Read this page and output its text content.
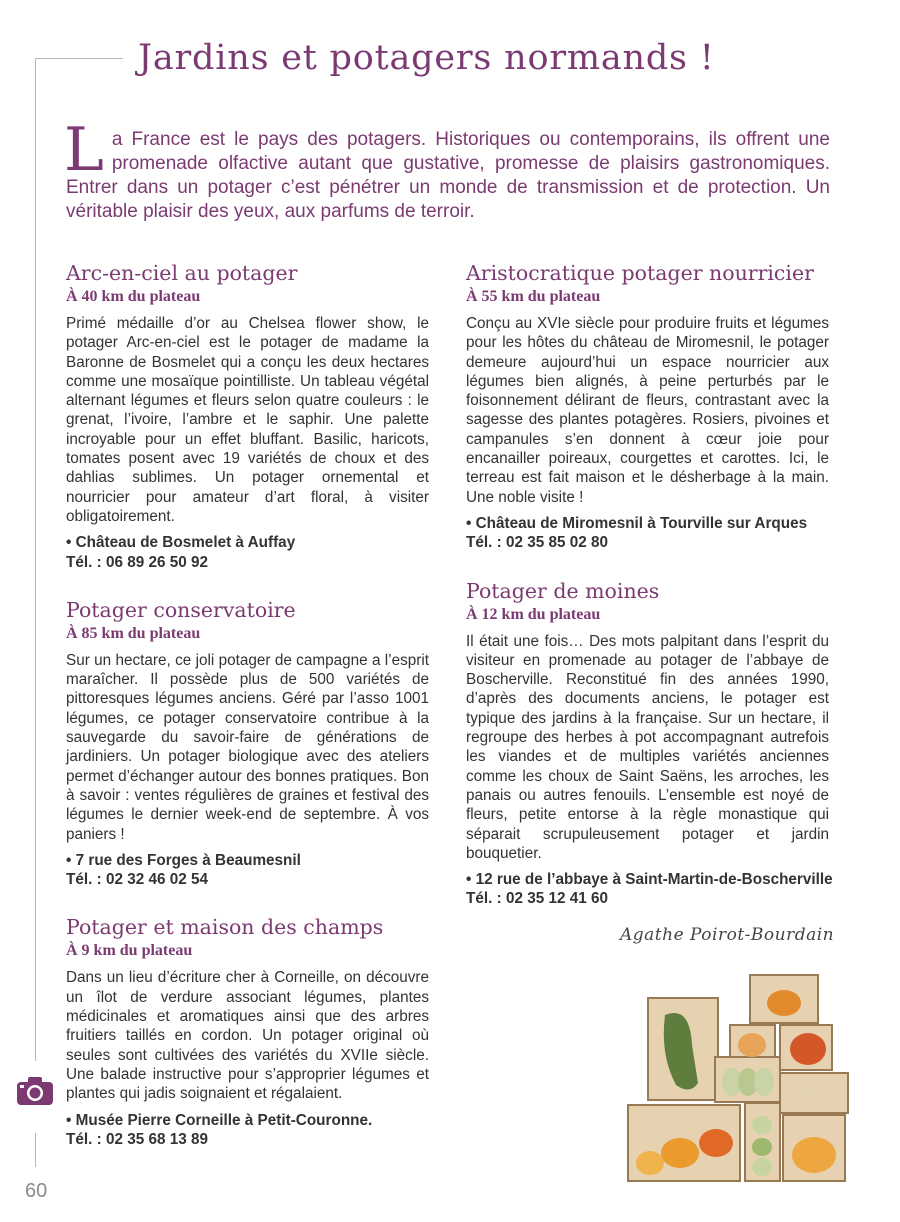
Jardins et potagers normands !

La France est le pays des potagers. Historiques ou contemporains, ils offrent une promenade olfactive autant que gustative, promesse de plaisirs gastronomiques. Entrer dans un potager c’est pénétrer un monde de transmission et de protection. Un véritable plaisir des yeux, aux parfums de terroir.

Arc-en-ciel au potager
À 40 km du plateau

Primé médaille d’or au Chelsea flower show, le potager Arc-en-ciel est le potager de madame la Baronne de Bosmelet qui a conçu les deux hectares comme une mosaïque pointilliste. Un tableau végétal alternant légumes et fleurs selon quatre couleurs : le grenat, l’ivoire, l’ambre et le saphir. Une palette incroyable pour un effet bluffant. Basilic, haricots, tomates posent avec 19 variétés de choux et des dahlias sublimes. Un potager ornemental et nourricier pour amateur d’art floral, à visiter obligatoirement.

• Château de Bosmelet à Auffay
Tél. : 06 89 26 50 92
Potager conservatoire
À 85 km du plateau

Sur un hectare, ce joli potager de campagne a l’esprit maraîcher. Il possède plus de 500 variétés de pittoresques légumes anciens. Géré par l’asso 1001 légumes, ce potager conservatoire contribue à la sauvegarde du savoir-faire de générations de jardiniers. Un potager biologique avec des ateliers permet d’échanger autour des bonnes pratiques. Bon à savoir : ventes régulières de graines et festival des légumes le dernier week-end de septembre. À vos paniers !

• 7 rue des Forges à Beaumesnil
Tél. : 02 32 46 02 54
Potager et maison des champs
À 9 km du plateau

Dans un lieu d’écriture cher à Corneille, on découvre un îlot de verdure associant légumes, plantes médicinales et aromatiques ainsi que des arbres fruitiers taillés en cordon. Un potager original où seules sont cultivées des variétés du XVIIe siècle. Une balade instructive pour s’approprier légumes et plantes qui jadis soignaient et régalaient.

• Musée Pierre Corneille à Petit-Couronne.
Tél. : 02 35 68 13 89
Aristocratique potager nourricier
À 55 km du plateau

Conçu au XVIe siècle pour produire fruits et légumes pour les hôtes du château de Miromesnil, le potager demeure aujourd’hui un espace nourricier aux légumes bien alignés, à peine perturbés par le foisonnement délirant de fleurs, contrastant avec la sagesse des plantes potagères. Rosiers, pivoines et campanules s’en donnent à cœur joie pour encanailler poireaux, courgettes et carottes. Ici, le terreau est fait maison et le désherbage à la main. Une noble visite !

• Château de Miromesnil à Tourville sur Arques
Tél. : 02 35 85 02 80
Potager de moines
À 12 km du plateau

Il était une fois… Des mots palpitant dans l’esprit du visiteur en promenade au potager de l’abbaye de Boscherville. Reconstitué fin des années 1990, d’après des documents anciens, le potager est typique des jardins à la française. Sur un hectare, il regroupe des herbes à pot accompagnant autrefois les viandes et de multiples variétés anciennes comme les choux de Saint Saëns, les arroches, les panais ou autres fenouils. L’ensemble est noyé de fleurs, petite entorse à la règle monastique qui séparait scrupuleusement potager et jardin bouquetier.

• 12 rue de l’abbaye à Saint-Martin-de-Boscherville
Tél. : 02 35 12 41 60
Agathe Poirot-Bourdain
60
